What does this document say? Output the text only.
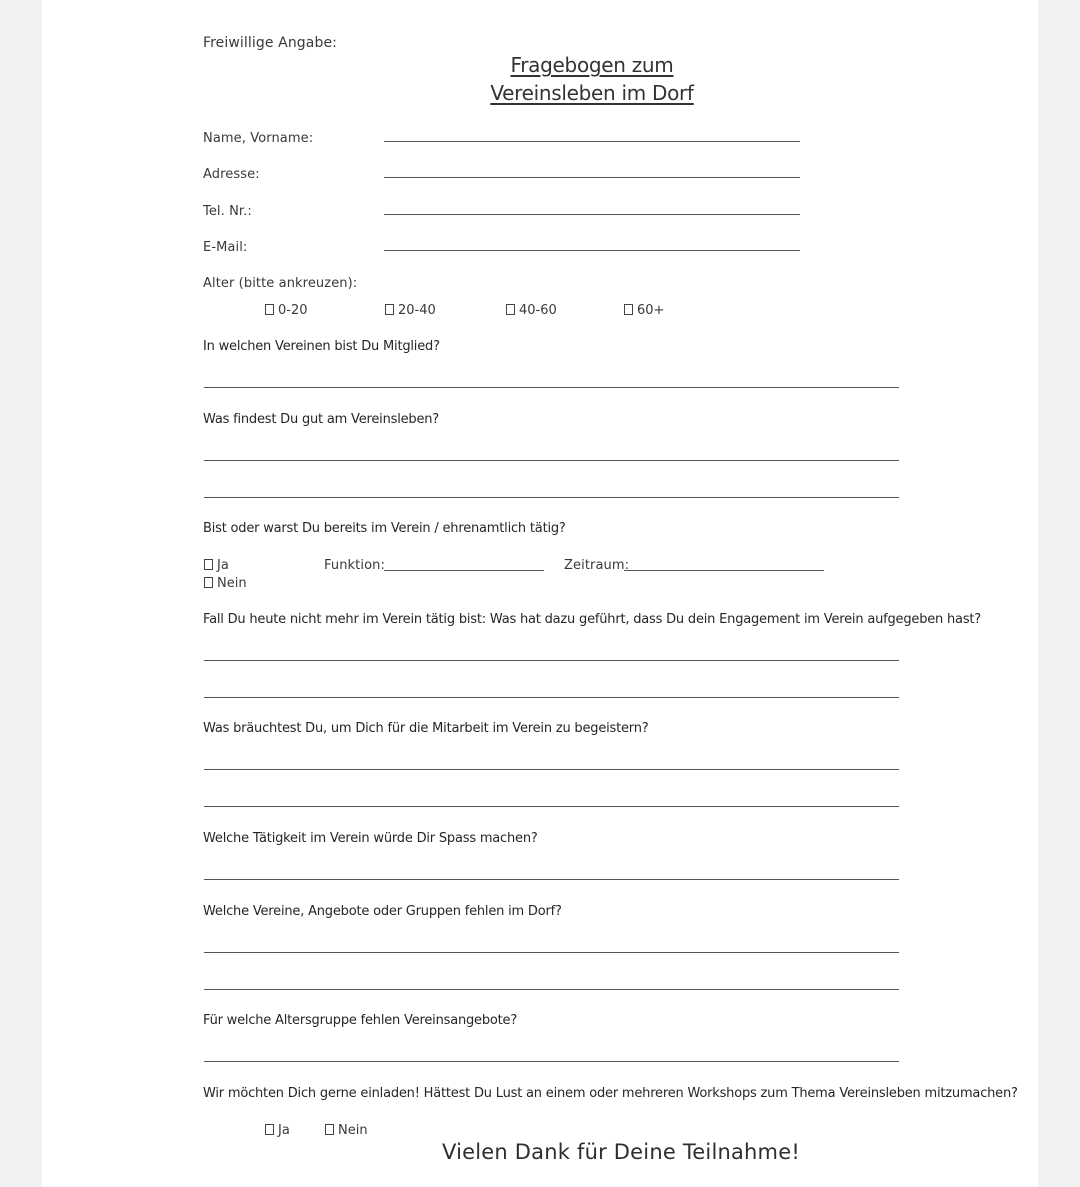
Freiwillige Angabe:
Fragebogen zum
Vereinsleben im Dorf
Name, Vorname:
Adresse:
Tel. Nr.:
E-Mail:
Alter (bitte ankreuzen):
0-20	20-40	40-60	60+
In welchen Vereinen bist Du Mitglied?
Was findest Du gut am Vereinsleben?
Bist oder warst Du bereits im Verein / ehrenamtlich tätig?
Ja
Nein
Funktion:	Zeitraum:
Fall Du heute nicht mehr im Verein tätig bist: Was hat dazu geführt, dass Du dein Engagement im Verein aufgegeben hast?
Was bräuchtest Du, um Dich für die Mitarbeit im Verein zu begeistern?
Welche Tätigkeit im Verein würde Dir Spass machen?
Welche Vereine, Angebote oder Gruppen fehlen im Dorf?
Für welche Altersgruppe fehlen Vereinsangebote?
Wir möchten Dich gerne einladen! Hättest Du Lust an einem oder mehreren Workshops zum Thema Vereinsleben mitzumachen?
Ja	Nein
Vielen Dank für Deine Teilnahme!
